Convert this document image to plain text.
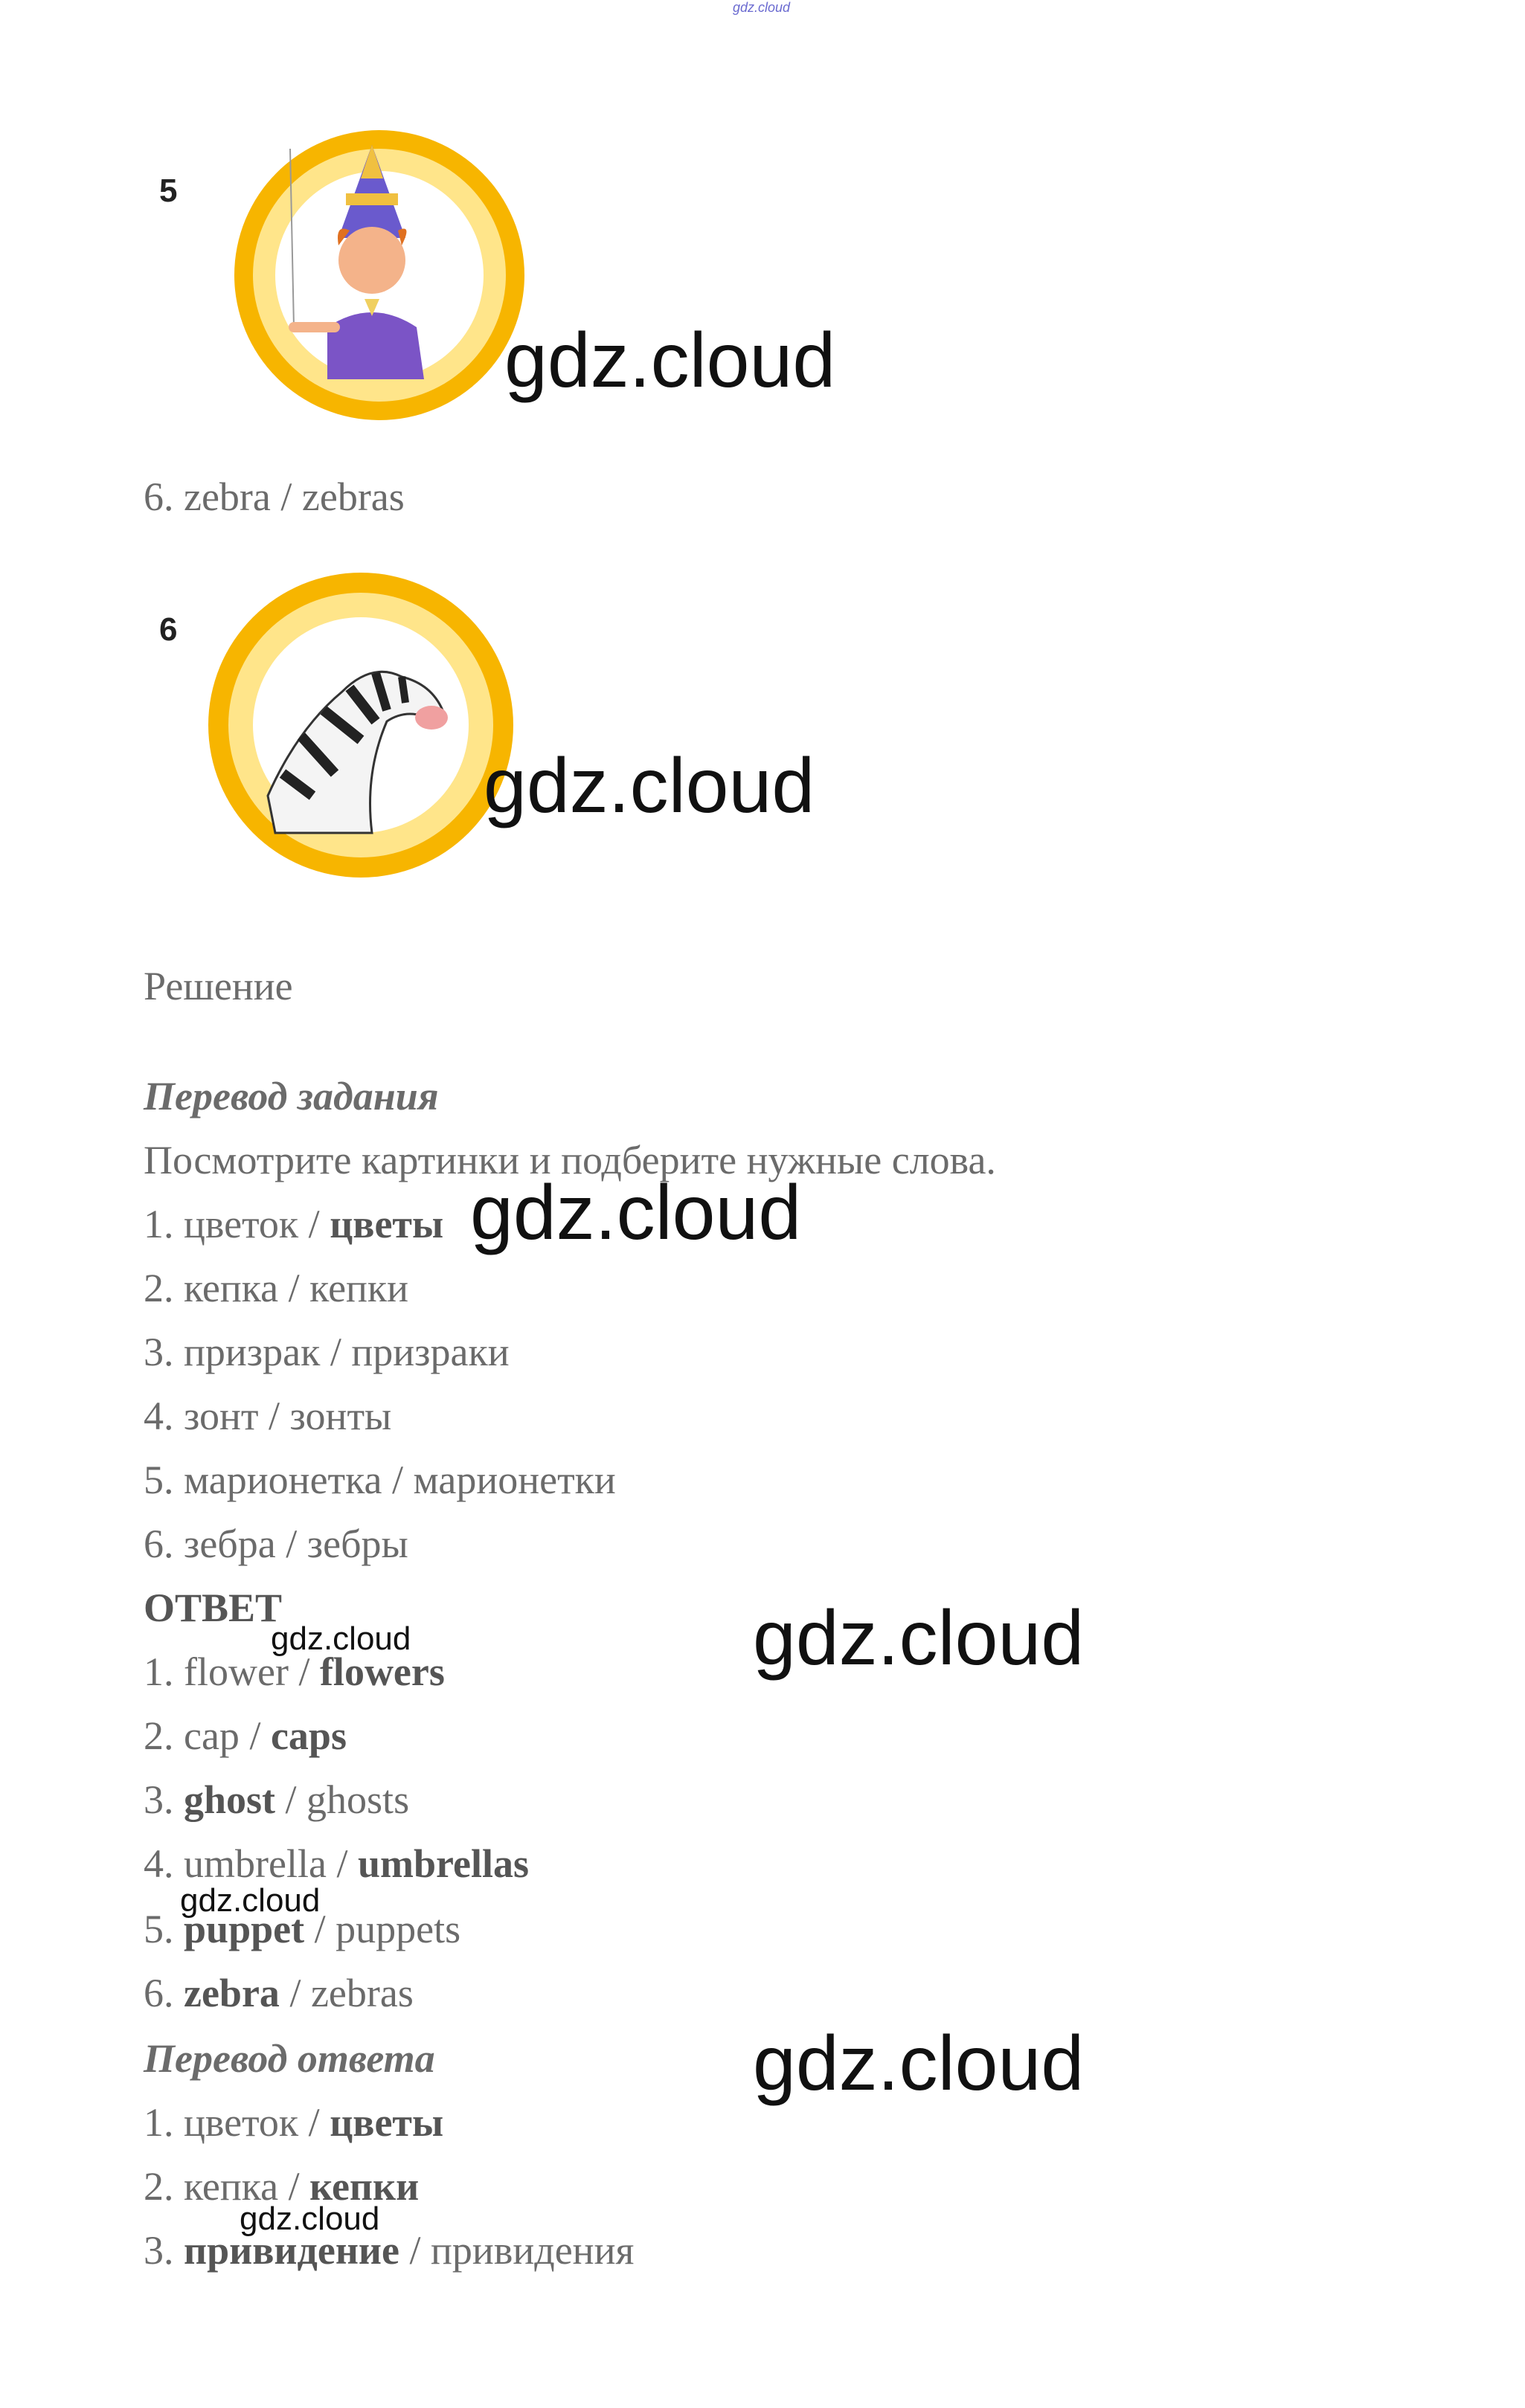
gdz.cloud
5
gdz.cloud
6. zebra / zebras
6
gdz.cloud
Решение
Перевод задания
Посмотрите картинки и подберите нужные слова.
1. цветок / цветы
2. кепка / кепки
3. призрак / призраки
4. зонт / зонты
5. марионетка / марионетки
6. зебра / зебры
gdz.cloud
ОТВЕТ
gdz.cloud	gdz.cloud
1. flower / flowers
2. cap / caps
3. ghost / ghosts
4. umbrella / umbrellas
gdz.cloud
5. puppet / puppets
6. zebra / zebras
Перевод ответа	gdz.cloud
1. цветок / цветы
2. кепка / кепки
gdz.cloud
3. привидение / привидения
